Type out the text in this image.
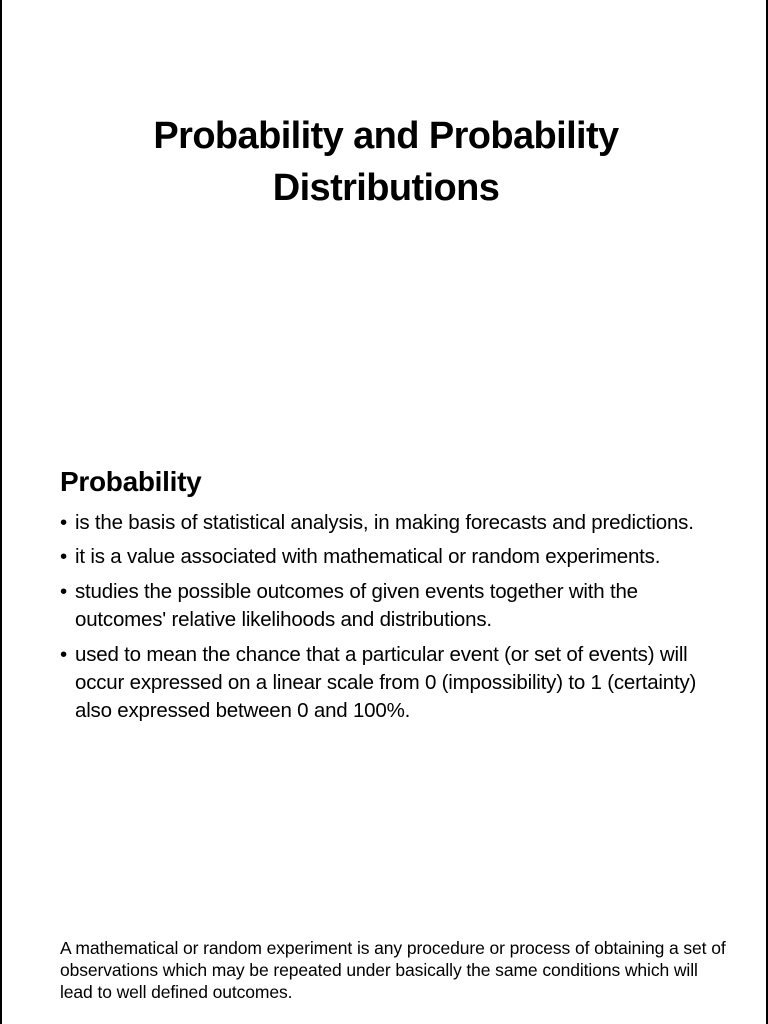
Probability and Probability
Distributions
Probability
• is the basis of statistical analysis, in making forecasts and predictions.
• it is a value associated with mathematical or random experiments.
• studies the possible outcomes of given events together with the outcomes' relative likelihoods and distributions.
• used to mean the chance that a particular event (or set of events) will occur expressed on a linear scale from 0 (impossibility) to 1 (certainty) also expressed between 0 and 100%.

A mathematical or random experiment is any procedure or process of obtaining a set of observations which may be repeated under basically the same conditions which will lead to well defined outcomes.
